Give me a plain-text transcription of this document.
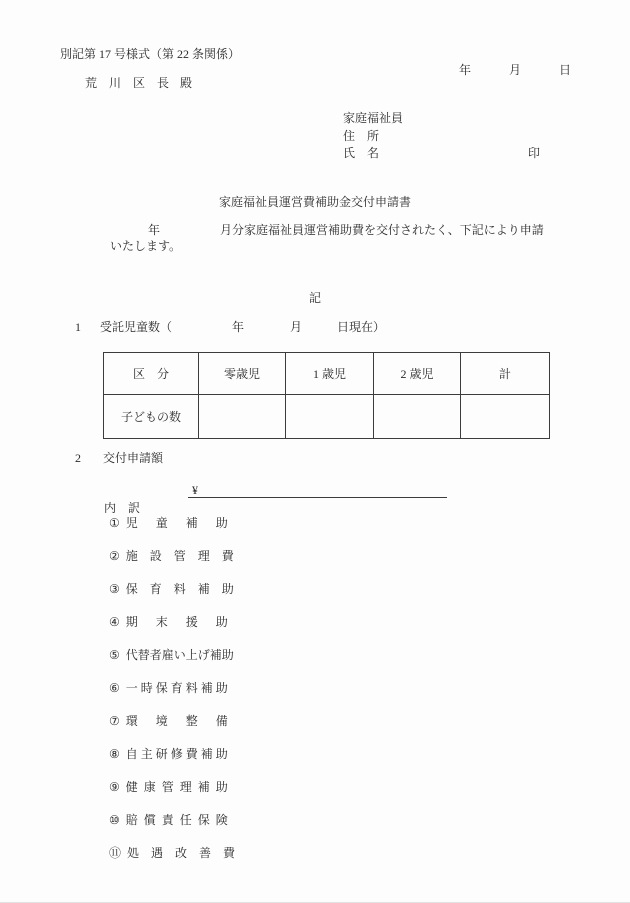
別記第 17 号様式（第 22 条関係）
年	月	日
荒　川　区　長 殿
家庭福祉員
住　所
氏　名	印
家庭福祉員運営費補助金交付申請書
年	月分家庭福祉員運営補助費を交付されたく、下記により申請
いたします。
記
1 受託児童数（	年	月	日現在）
区　分	零歳児	1 歳児	2 歳児	計
子どもの数				
2 交付申請額
¥
内　訳
① 児　 童　 補　 助
② 施　設　管　理　費
③ 保　育　料　補　助
④ 期　 末　 援　 助
⑤ 代替者雇い上げ補助
⑥ 一 時 保 育 料 補 助
⑦ 環　 境　 整　 備
⑧ 自 主 研 修 費 補 助
⑨ 健 康 管 理 補 助
⑩ 賠 償 責 任 保 険
⑪ 処　遇　改　善　費
